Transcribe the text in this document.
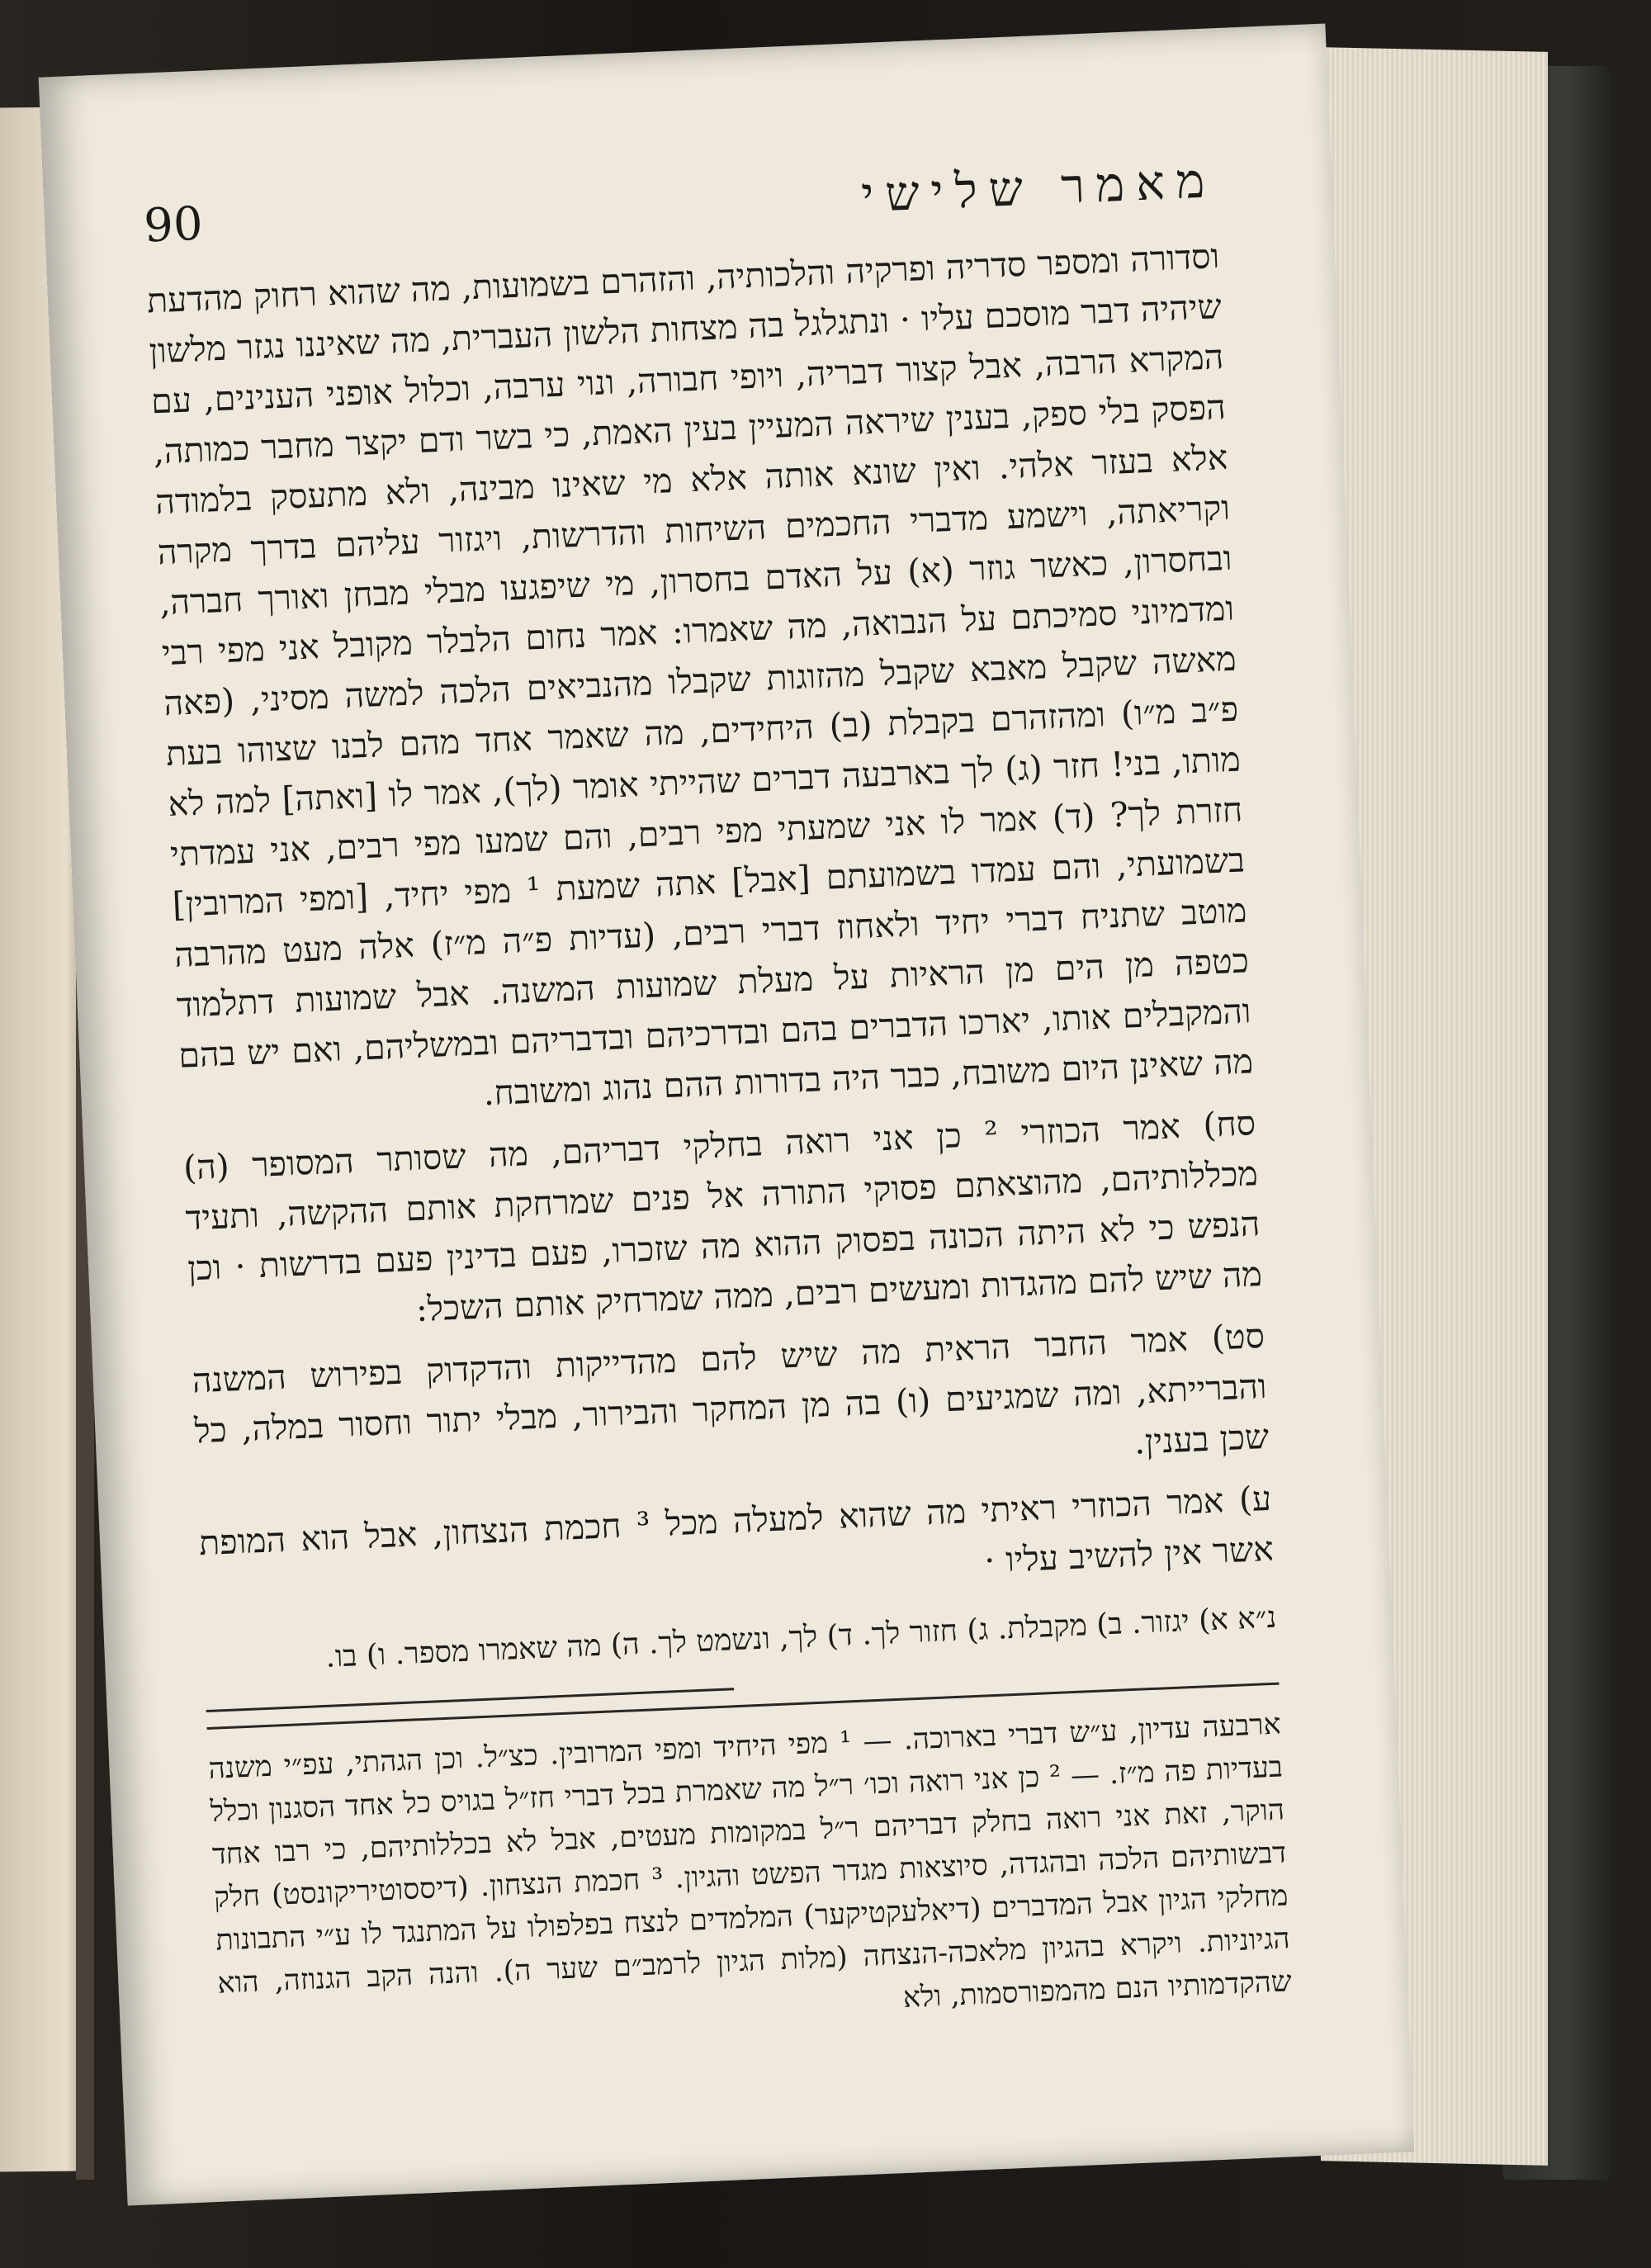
מאמר שלישי
90

וסדורה ומספר סדריה ופרקיה והלכותיה, והזהרם בשמועות, מה שהוא רחוק מהדעת שיהיה דבר מוסכם עליו · ונתגלגל בה מצחות הלשון העברית, מה שאיננו נגזר מלשון המקרא הרבה, אבל קצור דבריה, ויופי חבורה, ונוי ערבה, וכלול אופני הענינים, עם הפסק בלי ספק, בענין שיראה המעיין בעין האמת, כי בשר ודם יקצר מחבר כמותה, אלא בעזר אלהי. ואין שונא אותה אלא מי שאינו מבינה, ולא מתעסק בלמודה וקריאתה, וישמע מדברי החכמים השיחות והדרשות, ויגזור עליהם בדרך מקרה ובחסרון, כאשר גוזר (א) על האדם בחסרון, מי שיפגעו מבלי מבחן ואורך חברה, ומדמיוני סמיכתם על הנבואה, מה שאמרו: אמר נחום הלבלר מקובל אני מפי רבי מאשה שקבל מאבא שקבל מהזוגות שקבלו מהנביאים הלכה למשה מסיני, (פאה פ״ב מ״ו) ומהזהרם בקבלת (ב) היחידים, מה שאמר אחד מהם לבנו שצוהו בעת מותו, בני! חזר (ג) לך בארבעה דברים שהייתי אומר (לך), אמר לו [ואתה] למה לא חזרת לך? (ד) אמר לו אני שמעתי מפי רבים, והם שמעו מפי רבים, אני עמדתי בשמועתי, והם עמדו בשמועתם [אבל] אתה שמעת ¹ מפי יחיד, [ומפי המרובין] מוטב שתניח דברי יחיד ולאחוז דברי רבים, (עדיות פ״ה מ״ז) אלה מעט מהרבה כטפה מן הים מן הראיות על מעלת שמועות המשנה. אבל שמועות דתלמוד והמקבלים אותו, יארכו הדברים בהם ובדרכיהם ובדבריהם ובמשליהם, ואם יש בהם מה שאינן היום משובח, כבר היה בדורות ההם נהוג ומשובח.

סח) אמר הכוזרי ² כן אני רואה בחלקי דבריהם, מה שסותר המסופר (ה) מכללותיהם, מהוצאתם פסוקי התורה אל פנים שמרחקת אותם ההקשה, ותעיד הנפש כי לא היתה הכונה בפסוק ההוא מה שזכרו, פעם בדינין פעם בדרשות · וכן מה שיש להם מהגדות ומעשים רבים, ממה שמרחיק אותם השכל:

סט) אמר החבר הראית מה שיש להם מהדייקות והדקדוק בפירוש המשנה והברייתא, ומה שמגיעים (ו) בה מן המחקר והבירור, מבלי יתור וחסור במלה, כל שכן בענין.

ע) אמר הכוזרי ראיתי מה שהוא למעלה מכל ³ חכמת הנצחון, אבל הוא המופת אשר אין להשיב עליו ·

נ״א א) יגזור. ב) מקבלת. ג) חזור לך. ד) לך, ונשמט לך. ה) מה שאמרו מספר. ו) בו.

ארבעה עדיון, ע״ש דברי בארוכה. — ¹ מפי היחיד ומפי המרובין. כצ״ל. וכן הגהתי, עפ״י משנה בעדיות פה מ״ז. — ² כן אני רואה וכו׳ ר״ל מה שאמרת בכל דברי חז״ל בגויס כל אחד הסגנון וכלל הוקר, זאת אני רואה בחלק דבריהם ר״ל במקומות מעטים, אבל לא בכללותיהם, כי רבו אחד דבשותיהם הלכה ובהגדה, סיוצאות מגדר הפשט והגיון. ³ חכמת הנצחון. (דיססוטיריקונסט) חלק מחלקי הגיון אבל המדברים (דיאלעקטיקער) המלמדים לנצח בפלפולו על המתנגד לו ע״י התבונות הגיוניות. ויקרא בהגיון מלאכה-הנצחה (מלות הגיון לרמב״ם שער ה). והנה הקב הגנוזה, הוא שהקדמותיו הנם מהמפורסמות, ולא
